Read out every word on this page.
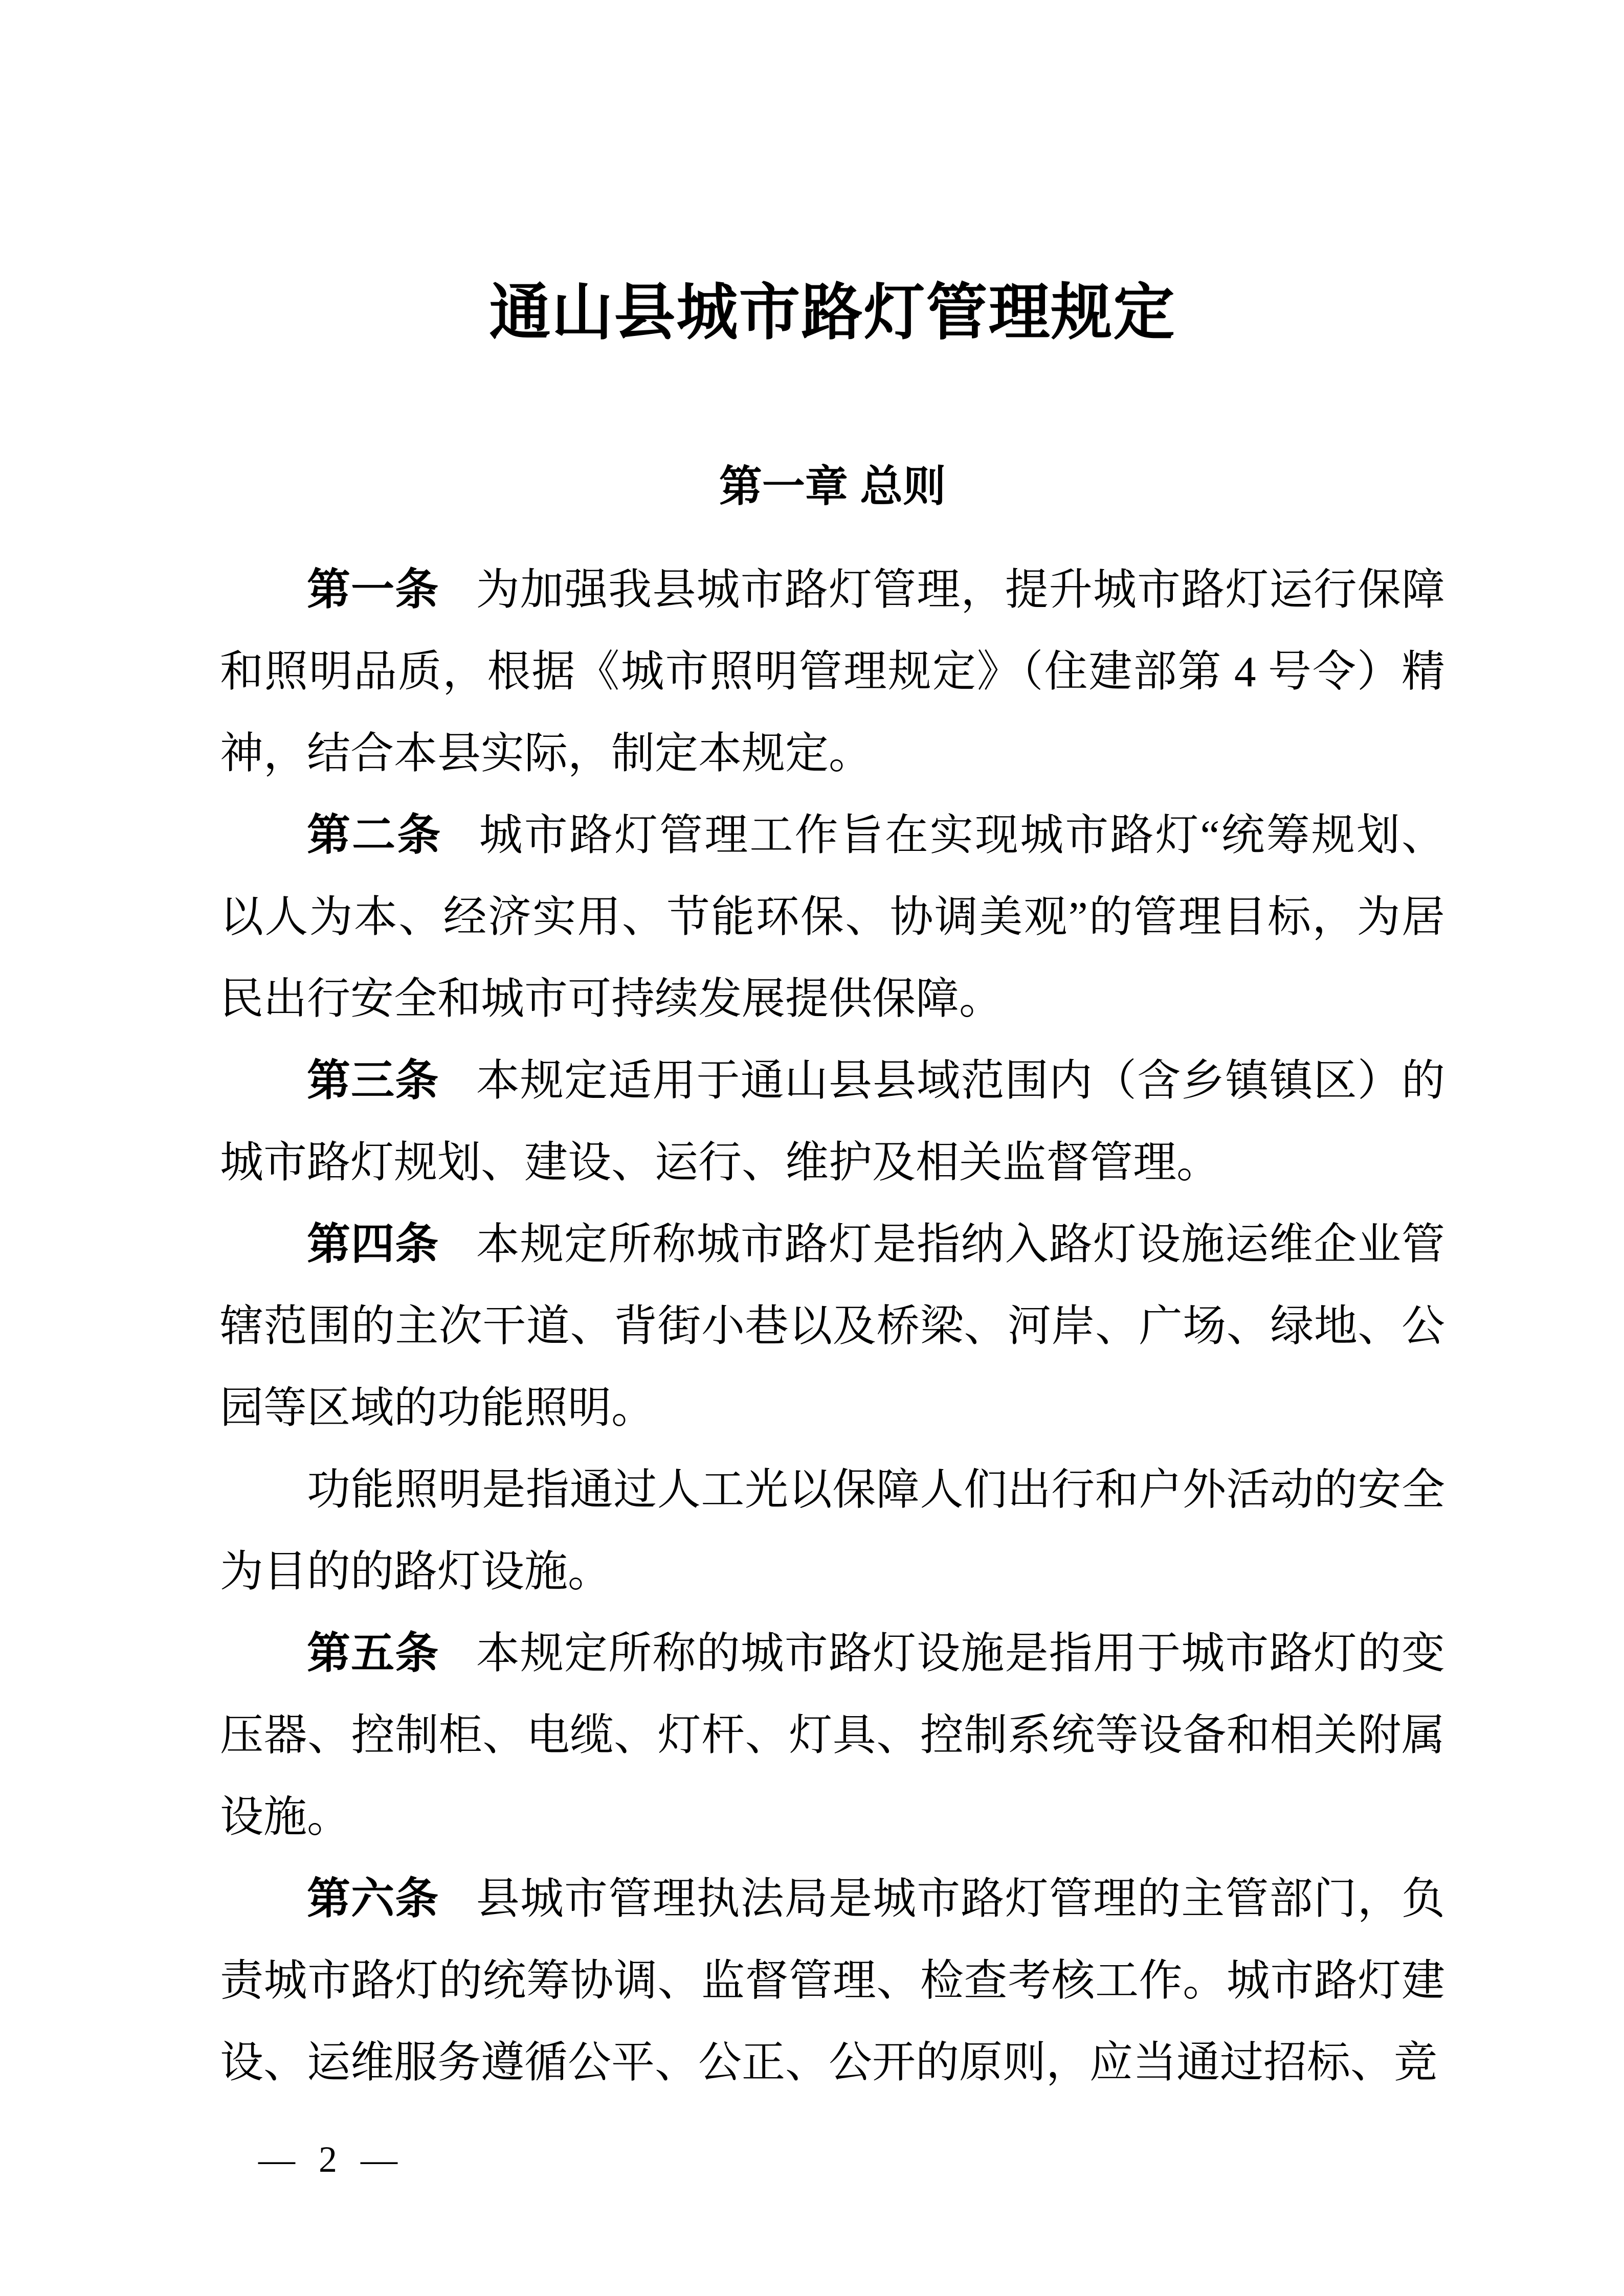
通山县城市路灯管理规定
第一章 总则

第一条 为加强我县城市路灯管理，提升城市路灯运行保障和照明品质，根据《城市照明管理规定》（住建部第 4 号令）精神，结合本县实际，制定本规定。

第二条 城市路灯管理工作旨在实现城市路灯“统筹规划、以人为本、经济实用、节能环保、协调美观”的管理目标，为居民出行安全和城市可持续发展提供保障。

第三条 本规定适用于通山县县域范围内（含乡镇镇区）的城市路灯规划、建设、运行、维护及相关监督管理。

第四条 本规定所称城市路灯是指纳入路灯设施运维企业管辖范围的主次干道、背街小巷以及桥梁、河岸、广场、绿地、公园等区域的功能照明。

功能照明是指通过人工光以保障人们出行和户外活动的安全为目的的路灯设施。

第五条 本规定所称的城市路灯设施是指用于城市路灯的变压器、控制柜、电缆、灯杆、灯具、控制系统等设备和相关附属设施。

第六条 县城市管理执法局是城市路灯管理的主管部门，负责城市路灯的统筹协调、监督管理、检查考核工作。城市路灯建设、运维服务遵循公平、公正、公开的原则，应当通过招标、竞

— 2 —
